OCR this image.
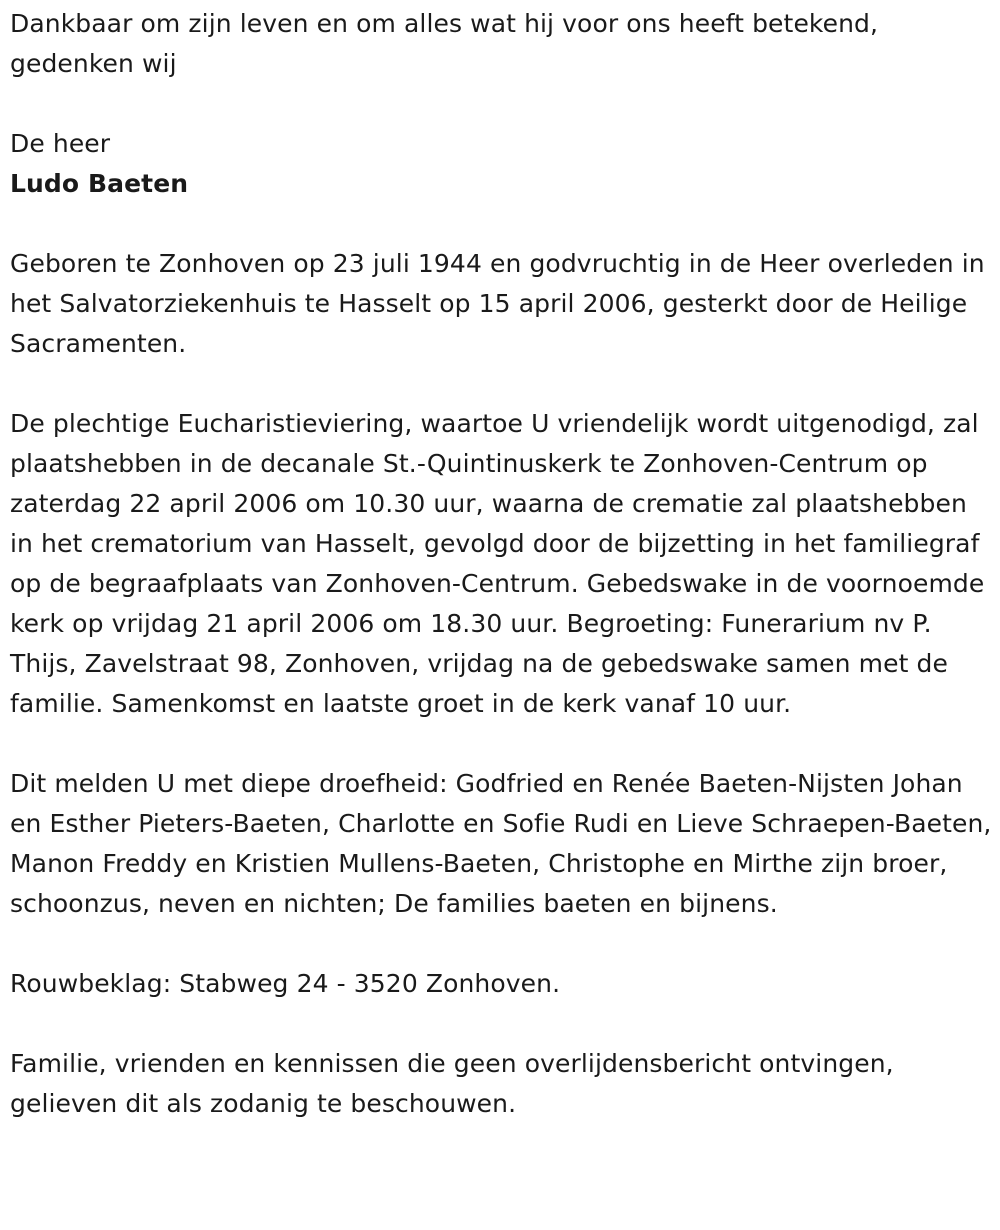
Dankbaar om zijn leven en om alles wat hij voor ons heeft betekend, gedenken wij

De heer

Ludo Baeten

Geboren te Zonhoven op 23 juli 1944 en godvruchtig in de Heer overleden in het Salvatorziekenhuis te Hasselt op 15 april 2006, gesterkt door de Heilige Sacramenten.

De plechtige Eucharistieviering, waartoe U vriendelijk wordt uitgenodigd, zal plaatshebben in de decanale St.-Quintinuskerk te Zonhoven-Centrum op zaterdag 22 april 2006 om 10.30 uur, waarna de crematie zal plaatshebben in het crematorium van Hasselt, gevolgd door de bijzetting in het familiegraf op de begraafplaats van Zonhoven-Centrum. Gebedswake in de voornoemde kerk op vrijdag 21 april 2006 om 18.30 uur. Begroeting: Funerarium nv P. Thijs, Zavelstraat 98, Zonhoven, vrijdag na de gebedswake samen met de familie. Samenkomst en laatste groet in de kerk vanaf 10 uur.

Dit melden U met diepe droefheid: Godfried en Renée Baeten-Nijsten Johan en Esther Pieters-Baeten, Charlotte en Sofie Rudi en Lieve Schraepen-Baeten, Manon Freddy en Kristien Mullens-Baeten, Christophe en Mirthe zijn broer, schoonzus, neven en nichten; De families baeten en bijnens.

Rouwbeklag: Stabweg 24 - 3520 Zonhoven.

Familie, vrienden en kennissen die geen overlijdensbericht ontvingen, gelieven dit als zodanig te beschouwen.
